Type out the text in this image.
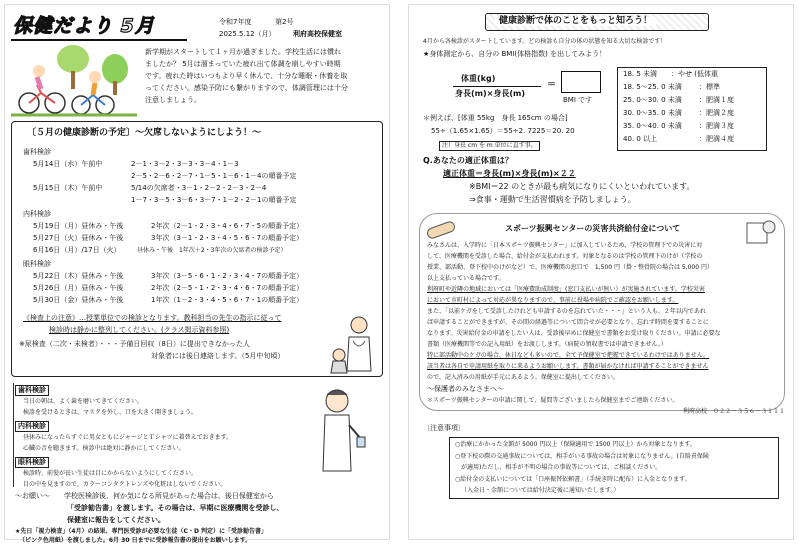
保健だより 5月	令和7年度	第2号
2025.5.12（月） 利府高校保健室
新学期がスタートして１ヶ月が過ぎました。学校生活には慣れ
ましたか？ 5月は溜まっていた疲れ出て体調を崩しやすい時期
です。疲れた時はいつもより早く休んで、十分な睡眠・休養を取
ってください。感染予防にも繋がりますので、体調管理には十分
注意しましょう。
〔５月の健康診断の予定〕～欠席しないようにしよう！～
歯科検診
5月14日（水）午前中	2－1・3－2・3－3・3－4・1－3
2－5・2－6・2－7・1－5・1－6・1－4の順番予定
5月15日（木）午前中	5/14の欠席者・3－1・2－2・2－3・2－4
1－7・3－5・3－6・3－7・1－2・2－1の順番予定
内科検診
5月19日（月）昼休み・午後	2年次（2－1・2・3・4・6・7・5の順番予定）
5月27日（火）昼休み・午後	3年次（3－1・2・3・4・5・6・7の順番予定）
6月16日（月）/17日（火）	昼休み・午後　1年次＋2・3年次の欠席者の検診予定）
眼科検診
5月22日（木）昼休み・午後	3年次（3－5・6・1・2・3・4・7の順番予定）
5月26日（月）昼休み・午後	2年次（2－5・1・2・3・4・6・7の順番予定）
5月30日（金）昼休み・午後	1年次（1－2・3・4・5・6・7・1の順番予定）
《検査上の注意》…授業単位での検診となります。教科担当の先生の指示に従って
検診時は静かに整列してください。(クラス掲示資料参照)
※尿検査（二次・未検者）・・・予備日回収（8日）に提出できなかった人
対象者には後日連絡します。（5月中旬頃）
歯科検診
当日の朝は、よく歯を磨いてきてください。
検診を受けるときは、マスクを外し、口を大きく開きましょう。
内科検診
昼休みになったらすぐに男女ともにジャージとＴシャツに着替えておきます。
心臓の音を聴きます。検診中は絶対に静かにしてください。
眼科検診
検診時、前髪が長い生徒は目にかからないようにしてください。
目の中を見ますので、カラーコンタクトレンズや化粧はしないでください。
～お願い～　　学校医検診後、何か気になる所見があった場合は、後日保健室から
「受診勧告書」を渡します。その場合は、早期に医療機関を受診し、
保健室に報告をしてください。
★先日「視力検査」（4月）の結果、専門医受診が必要な生徒（C・D 判定）に「受診勧告書」
（ピンク色用紙）を渡しました。6月 30 日までに受診報告書の提出をお願いします。
健康診断で体のことをもっと知ろう！
4月から各検診がスタートしています。どの検診も自分の体の状態を知る大切な検診です！
★身体測定から、自分の BMI(体格指数) を出してみよう！
体重(kg)
身長(m)×身長(m)
＝
BMI です
＊例えば、[体重 55kg　身長 165cm の場合]
55÷（1.65×1.65）＝55÷2. 7225＝20. 20
注）身長 cm を m 単位に直す事。
18. 5 未満 ：やせ (低体重
18. 5～25. 0 未満 ：標準
25. 0～30. 0 未満 ：肥満１度
30. 0～35. 0 未満 ：肥満２度
35. 0～40. 0 未満 ：肥満３度
40. 0 以上	：肥満４度
Q.あなたの適正体重は？
適正体重＝身長(m)×身長(m)×２２
※BMI＝22 のときが最も病気になりにくいといわれています。
⇒食事・運動で生活習慣病を予防しましょう。
スポーツ振興センターの災害共済給付金について
みなさんは、入学時に「日本スポーツ振興センター」に加入しているため、学校の管理下での災害に対
して、医療機関を受診した場合、給付金が支払われます。対象となるのは学校の管理下のけが（学校の
授業、部活動、登下校中のけがなど）で、医療機関の窓口で　1,500 円（掛・整骨院の場合は 5,000 円）
以上支払っている場合です。
利府町や近隣の地域においては「医療費助成制度」(窓口支払いが無い）が実施されています。学校災害
において市町村によって対応が異なりますので、事前に役場や病院でご確認をお願いします。
また、「以前ケガをして受診したけれども申請するのを忘れていた・・・」という人も、２年以内であれ
ば申請することができますが、その間の経過等について問合せが必要となり、忘れず時間を要することに
なります。災害給付金の申請をしたい人は、受診後早めに保健室で書類をお受け取りください。申請に必要な
書類（医療機関等での記入用紙）をお渡しします。（病院の領収書では申請できません。）
特に部活動中のケガの場合、休日なども多いので、全て予保健室で把握できているわけではありません。
該当者は各自で申請用紙を取りに来るようお願いします。書類が届かなければ申請することができません
ので、記入済みの用紙が手元にあるよう、保健室に提出してください。
～保護者のみなさまへ～
＊スポーツ振興センターの申請に関して、疑問等ございましたら保健室までご連絡ください。
利府高校　０２２－３５６－３１１１
〔注意事項〕
○治療にかかった金額が 5000 円以上（保険適用で 1500 円以上）から対象となります。
○登下校の際の交通事故については、相手がいる事故の場合は対象になりません。(自賠責保険
が適用)ただし、相手が不明の場合の事故等については、ご相談ください。
○給付金の支払いについては「口座振替依頼書」（手続き時に配布）に入金となります。
（入金日・金額については給付決定後に通知いたします。）
